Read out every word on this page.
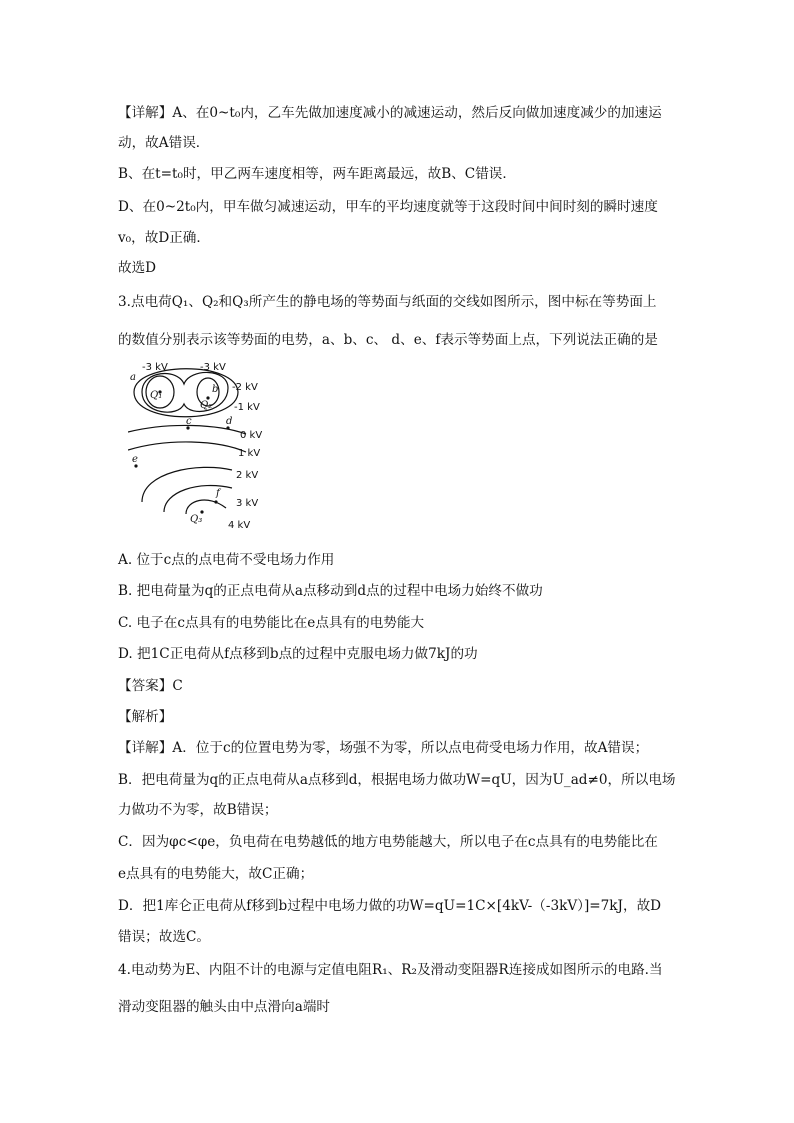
【详解】A、在0~t₀内，乙车先做加速度减小的减速运动，然后反向做加速度减少的加速运
动，故A错误．
B、在t=t₀时，甲乙两车速度相等，两车距离最远，故B、C错误．
D、在0~2t₀内，甲车做匀减速运动，甲车的平均速度就等于这段时间中间时刻的瞬时速度
v₀，故D正确．
故选D
3.点电荷Q₁、Q₂和Q₃所产生的静电场的等势面与纸面的交线如图所示，图中标在等势面上
的数值分别表示该等势面的电势，a、b、c、 d、e、f表示等势面上点，下列说法正确的是
-3 kV	-3 kV
-2 kV
-1 kV
0 kV
1 kV
2 kV
3 kV
4 kV
Q₁
Q₂
Q₃
a
b
c	d
e
f
A. 位于c点的点电荷不受电场力作用
B. 把电荷量为q的正点电荷从a点移动到d点的过程中电场力始终不做功
C. 电子在c点具有的电势能比在e点具有的电势能大
D. 把1C正电荷从f点移到b点的过程中克服电场力做7kJ的功
【答案】C
【解析】
【详解】A．位于c的位置电势为零，场强不为零，所以点电荷受电场力作用，故A错误；
B．把电荷量为q的正点电荷从a点移到d，根据电场力做功W=qU，因为U_ad≠0，所以电场
力做功不为零，故B错误；
C．因为φc<φe，负电荷在电势越低的地方电势能越大，所以电子在c点具有的电势能比在
e点具有的电势能大，故C正确；
D．把1库仑正电荷从f移到b过程中电场力做的功W=qU=1C×[4kV-（-3kV）]=7kJ，故D
错误；故选C。
4.电动势为E、内阻不计的电源与定值电阻R₁、R₂及滑动变阻器R连接成如图所示的电路.当
滑动变阻器的触头由中点滑向a端时
